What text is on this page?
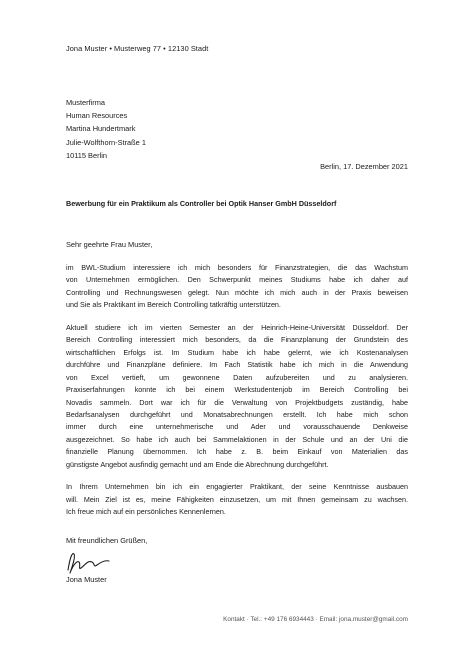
Jona Muster • Musterweg 77 • 12130 Stadt
Musterfirma
Human Resources
Martina Hundertmark
Julie-Wolfthorn-Straße 1
10115 Berlin
Berlin, 17. Dezember 2021
Bewerbung für ein Praktikum als Controller bei Optik Hanser GmbH Düsseldorf
Sehr geehrte Frau Muster,
im BWL-Studium interessiere ich mich besonders für Finanzstrategien, die das Wachstum
von Unternehmen ermöglichen. Den Schwerpunkt meines Studiums habe ich daher auf
Controlling und Rechnungswesen gelegt. Nun möchte ich mich auch in der Praxis beweisen
und Sie als Praktikant im Bereich Controlling tatkräftig unterstützen.
Aktuell studiere ich im vierten Semester an der Heinrich-Heine-Universität Düsseldorf. Der
Bereich Controlling interessiert mich besonders, da die Finanzplanung der Grundstein des
wirtschaftlichen Erfolgs ist. Im Studium habe ich habe gelernt, wie ich Kostenanalysen
durchführe und Finanzpläne definiere. Im Fach Statistik habe ich mich in die Anwendung
von Excel vertieft, um gewonnene Daten aufzubereiten und zu analysieren.
Praxiserfahrungen konnte ich bei einem Werkstudentenjob im Bereich Controlling bei
Novadis sammeln. Dort war ich für die Verwaltung von Projektbudgets zuständig, habe
Bedarfsanalysen durchgeführt und Monatsabrechnungen erstellt. Ich habe mich schon
immer durch eine unternehmerische und Ader und vorausschauende Denkweise
ausgezeichnet. So habe ich auch bei Sammelaktionen in der Schule und an der Uni die
finanzielle Planung übernommen. Ich habe z. B. beim Einkauf von Materialien das
günstigste Angebot ausfindig gemacht und am Ende die Abrechnung durchgeführt.
In Ihrem Unternehmen bin ich ein engagierter Praktikant, der seine Kenntnisse ausbauen
will. Mein Ziel ist es, meine Fähigkeiten einzusetzen, um mit Ihnen gemeinsam zu wachsen.
Ich freue mich auf ein persönliches Kennenlernen.
Mit freundlichen Grüßen,
Jona Muster
Kontakt · Tel.: +49 176 6934443 · Email: jona.muster@gmail.com
